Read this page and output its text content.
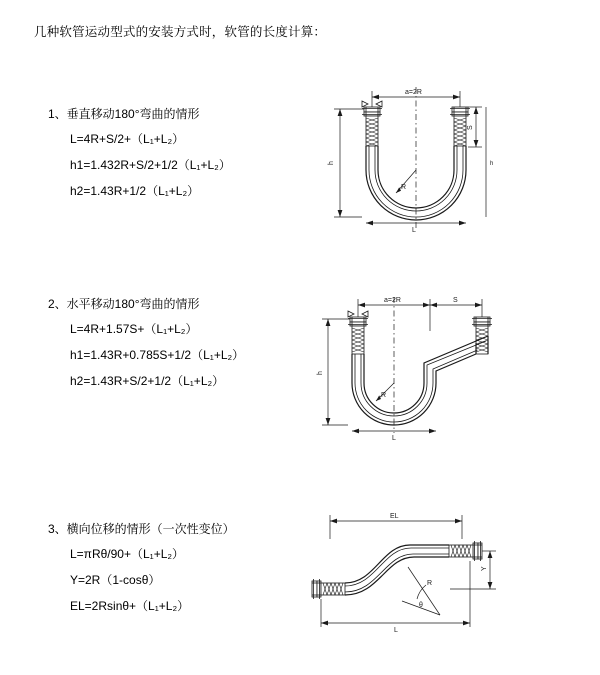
几种软管运动型式的安装方式时，软管的长度计算：
1、垂直移动180°弯曲的情形
L=4R+S/2+（L₁+L₂）
h1=1.432R+S/2+1/2（L₁+L₂）
h2=1.43R+1/2（L₁+L₂）
a=2R
R
L
h
S
h
2、水平移动180°弯曲的情形
L=4R+1.57S+（L₁+L₂）
h1=1.43R+0.785S+1/2（L₁+L₂）
h2=1.43R+S/2+1/2（L₁+L₂）
a=2R	S
R
h
L
3、横向位移的情形（一次性变位）
L=πRθ/90+（L₁+L₂）
Y=2R（1-cosθ）
EL=2Rsinθ+（L₁+L₂）
EL
θ
R
Y
L
